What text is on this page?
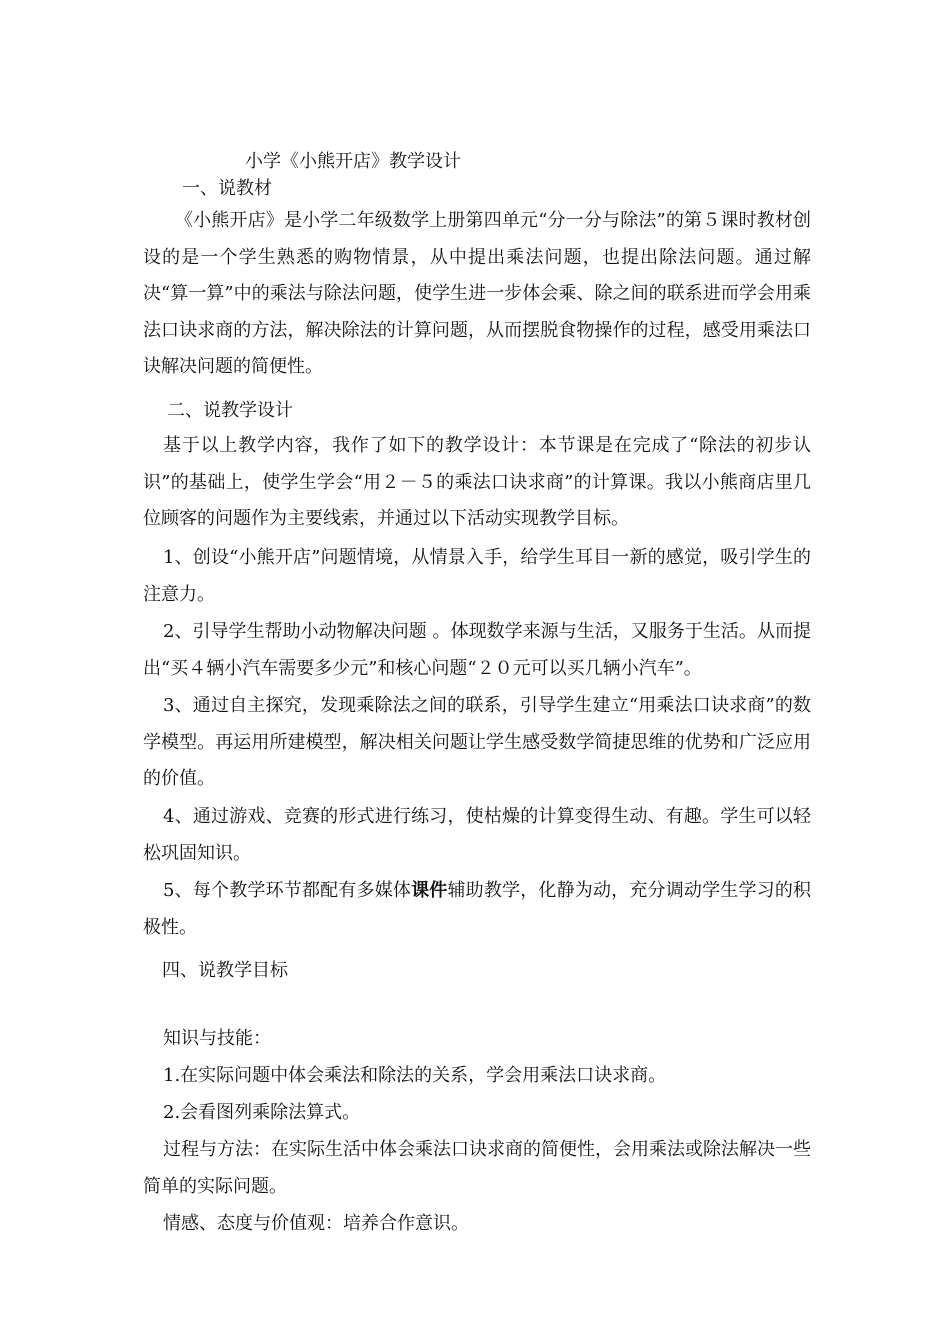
小学《小熊开店》教学设计
一、说教材

《小熊开店》是小学二年级数学上册第四单元“分一分与除法”的第５课时教材创设的是一个学生熟悉的购物情景，从中提出乘法问题，也提出除法问题。通过解决“算一算”中的乘法与除法问题，使学生进一步体会乘、除之间的联系进而学会用乘法口诀求商的方法，解决除法的计算问题，从而摆脱食物操作的过程，感受用乘法口诀解决问题的简便性。

二、说教学设计

基于以上教学内容，我作了如下的教学设计：本节课是在完成了“除法的初步认识”的基础上，使学生学会“用２－５的乘法口诀求商”的计算课。我以小熊商店里几位顾客的问题作为主要线索，并通过以下活动实现教学目标。

1、创设“小熊开店”问题情境，从情景入手，给学生耳目一新的感觉，吸引学生的注意力。

2、引导学生帮助小动物解决问题 。体现数学来源与生活，又服务于生活。从而提出“买４辆小汽车需要多少元”和核心问题“２０元可以买几辆小汽车”。

3、通过自主探究，发现乘除法之间的联系，引导学生建立“用乘法口诀求商”的数学模型。再运用所建模型，解决相关问题让学生感受数学简捷思维的优势和广泛应用的价值。

4、通过游戏、竞赛的形式进行练习，使枯燥的计算变得生动、有趣。学生可以轻松巩固知识。

5、每个教学环节都配有多媒体课件辅助教学，化静为动，充分调动学生学习的积极性。

四、说教学目标

知识与技能：

1.在实际问题中体会乘法和除法的关系，学会用乘法口诀求商。

2.会看图列乘除法算式。

过程与方法：在实际生活中体会乘法口诀求商的简便性，会用乘法或除法解决一些简单的实际问题。

情感、态度与价值观：培养合作意识。
